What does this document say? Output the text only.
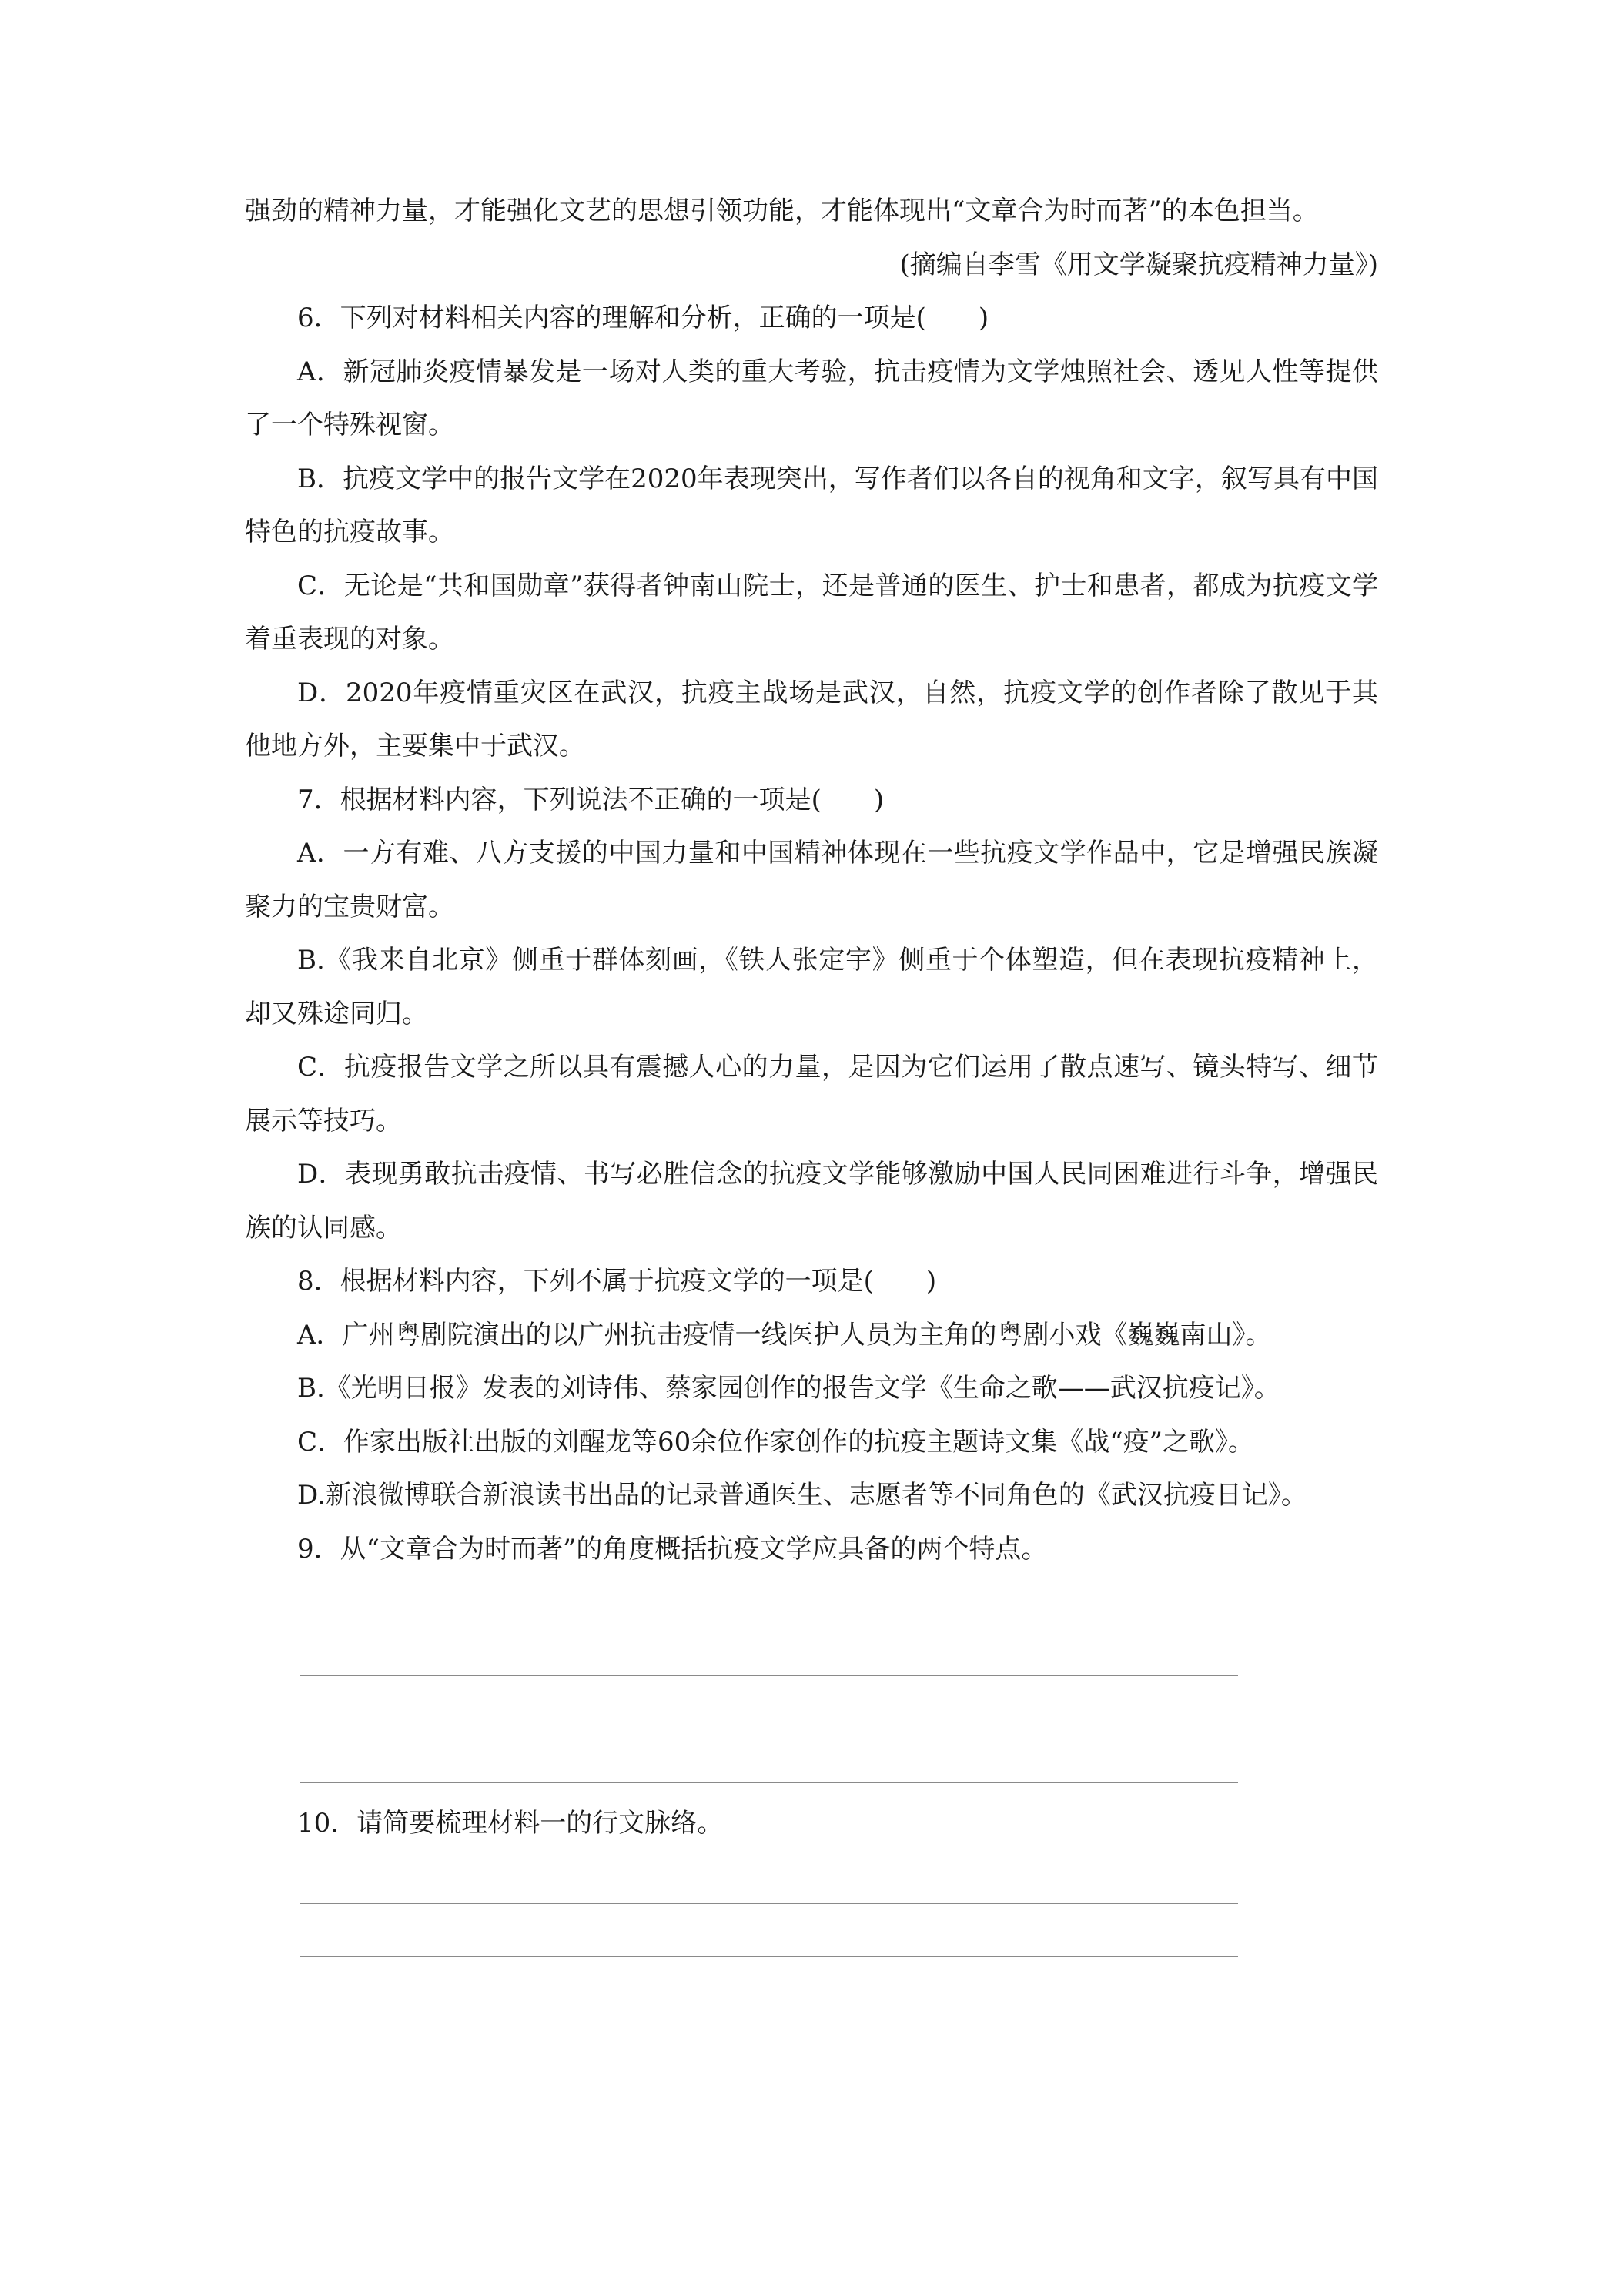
强劲的精神力量，才能强化文艺的思想引领功能，才能体现出“文章合为时而著”的本色担当。

(摘编自李雪《用文学凝聚抗疫精神力量》)

6．下列对材料相关内容的理解和分析，正确的一项是(　　)

A．新冠肺炎疫情暴发是一场对人类的重大考验，抗击疫情为文学烛照社会、透见人性等提供了一个特殊视窗。

B．抗疫文学中的报告文学在2020年表现突出，写作者们以各自的视角和文字，叙写具有中国特色的抗疫故事。

C．无论是“共和国勋章”获得者钟南山院士，还是普通的医生、护士和患者，都成为抗疫文学着重表现的对象。

D．2020年疫情重灾区在武汉，抗疫主战场是武汉，自然，抗疫文学的创作者除了散见于其他地方外，主要集中于武汉。

7．根据材料内容，下列说法不正确的一项是(　　)

A．一方有难、八方支援的中国力量和中国精神体现在一些抗疫文学作品中，它是增强民族凝聚力的宝贵财富。

B.《我来自北京》侧重于群体刻画，《铁人张定宇》侧重于个体塑造，但在表现抗疫精神上，却又殊途同归。

C．抗疫报告文学之所以具有震撼人心的力量，是因为它们运用了散点速写、镜头特写、细节展示等技巧。

D．表现勇敢抗击疫情、书写必胜信念的抗疫文学能够激励中国人民同困难进行斗争，增强民族的认同感。

8．根据材料内容，下列不属于抗疫文学的一项是(　　)

A．广州粤剧院演出的以广州抗击疫情一线医护人员为主角的粤剧小戏《巍巍南山》。

B.《光明日报》发表的刘诗伟、蔡家园创作的报告文学《生命之歌——武汉抗疫记》。

C．作家出版社出版的刘醒龙等60余位作家创作的抗疫主题诗文集《战“疫”之歌》。

D.新浪微博联合新浪读书出品的记录普通医生、志愿者等不同角色的《武汉抗疫日记》。

9．从“文章合为时而著”的角度概括抗疫文学应具备的两个特点。

10．请简要梳理材料一的行文脉络。
